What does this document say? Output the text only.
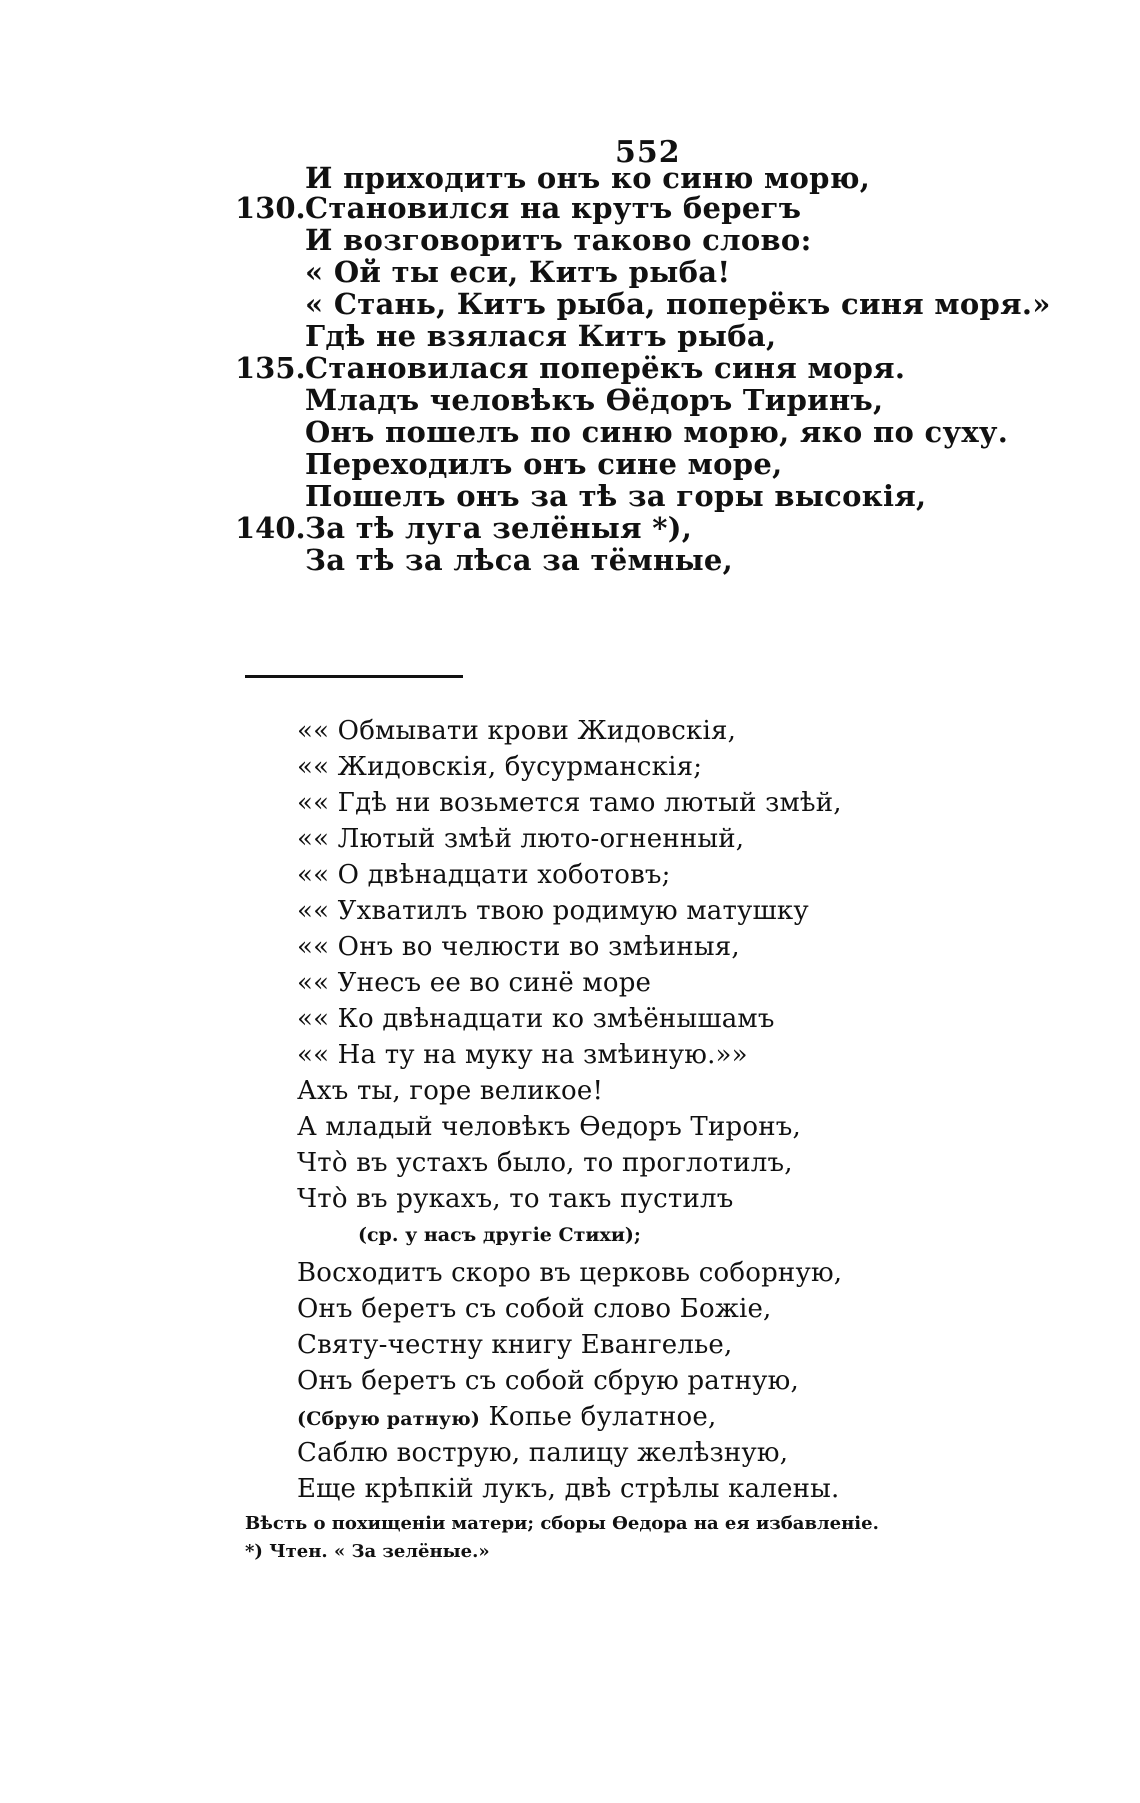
552
И приходитъ онъ ко синю морю,
130. Становился на крутъ берегъ
И возговоритъ таково слово:
« Ой ты еси, Китъ рыба!
« Стань, Китъ рыба, поперёкъ синя моря.»
Гдѣ не взялася Китъ рыба,
135. Становилася поперёкъ синя моря.
Младъ человѣкъ Ѳёдоръ Тиринъ,
Онъ пошелъ по синю морю, яко по суху.
Переходилъ онъ сине море,
Пошелъ онъ за тѣ за горы высокія,
140. За тѣ луга зелёныя *),
За тѣ за лѣса за тёмные,
«« Обмывати крови Жидовскія,
«« Жидовскія, бусурманскія;
«« Гдѣ ни возьмется тамо лютый змѣй,
«« Лютый змѣй люто-огненный,
«« О двѣнадцати хоботовъ;
«« Ухватилъ твою родимую матушку
«« Онъ во челюсти во змѣиныя,
«« Унесъ ее во синё море
«« Ко двѣнадцати ко змѣёнышамъ
«« На ту на муку на змѣиную.»»
Ахъ ты, горе великое!
А младый человѣкъ Ѳедоръ Тиронъ,
Что̀ въ устахъ было, то проглотилъ,
Что̀ въ рукахъ, то такъ пустилъ
(ср. у насъ другіе Стихи);
Восходитъ скоро въ церковь соборную,
Онъ беретъ съ собой слово Божіе,
Святу-честну книгу Евангелье,
Онъ беретъ съ собой сбрую ратную,
(Сбрую ратную) Копье булатное,
Саблю вострую, палицу желѣзную,
Еще крѣпкій лукъ, двѣ стрѣлы калены.
Вѣсть о похищеніи матери; сборы Ѳедора на ея избавленіе.
*) Чтен. « За зелёные.»
